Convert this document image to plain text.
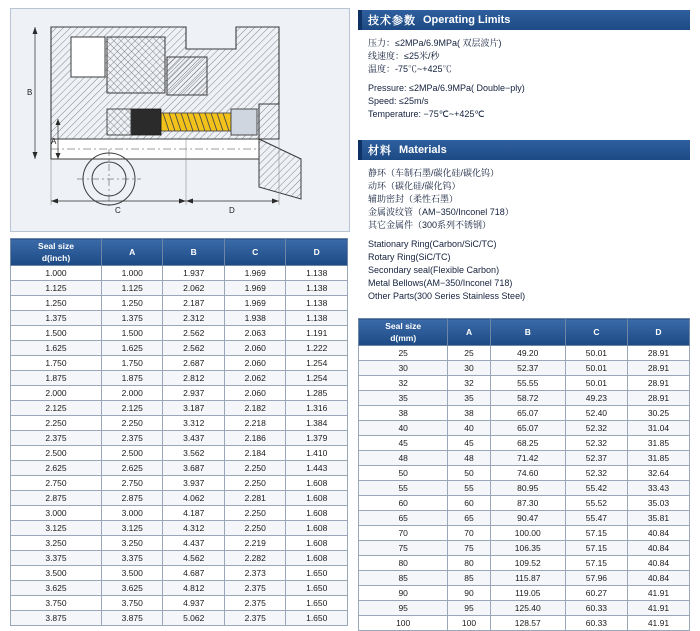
A
B
C	D
技术参数 Operating Limits
压力：≤2MPa/6.9MPa( 双层波片)
线速度：≤25米/秒
温度：-75℃~+425℃
Pressure: ≤2MPa/6.9MPa( Double−ply)
Speed: ≤25m/s
Temperature: −75℃~+425℃
材料 Materials
静环（车制石墨/碳化硅/碳化钨）
动环（碳化硅/碳化钨）
辅助密封（柔性石墨）
金属波纹管（AM−350/Inconel 718）
其它金属件（300系列不锈钢）
Stationary Ring(Carbon/SiC/TC)
Rotary Ring(SiC/TC)
Secondary seal(Flexible Carbon)
Metal Bellows(AM−350/Inconel 718)
Other Parts(300 Series Stainless Steel)
Seal size
d(inch)	A	B	C	D
1.000	1.000	1.937	1.969	1.138
1.125	1.125	2.062	1.969	1.138
1.250	1.250	2.187	1.969	1.138
1.375	1.375	2.312	1.938	1.138
1.500	1.500	2.562	2.063	1.191
1.625	1.625	2.562	2.060	1.222
1.750	1.750	2.687	2.060	1.254
1.875	1.875	2.812	2.062	1.254
2.000	2.000	2.937	2.060	1.285
2.125	2.125	3.187	2.182	1.316
2.250	2.250	3.312	2.218	1.384
2.375	2.375	3.437	2.186	1.379
2.500	2.500	3.562	2.184	1.410
2.625	2.625	3.687	2.250	1.443
2.750	2.750	3.937	2.250	1.608
2.875	2.875	4.062	2.281	1.608
3.000	3.000	4.187	2.250	1.608
3.125	3.125	4.312	2.250	1.608
3.250	3.250	4.437	2.219	1.608
3.375	3.375	4.562	2.282	1.608
3.500	3.500	4.687	2.373	1.650
3.625	3.625	4.812	2.375	1.650
3.750	3.750	4.937	2.375	1.650
3.875	3.875	5.062	2.375	1.650
Seal size
d(mm)	A	B	C	D
25	25	49.20	50.01	28.91
30	30	52.37	50.01	28.91
32	32	55.55	50.01	28.91
35	35	58.72	49.23	28.91
38	38	65.07	52.40	30.25
40	40	65.07	52.32	31.04
45	45	68.25	52.32	31.85
48	48	71.42	52.37	31.85
50	50	74.60	52.32	32.64
55	55	80.95	55.42	33.43
60	60	87.30	55.52	35.03
65	65	90.47	55.47	35.81
70	70	100.00	57.15	40.84
75	75	106.35	57.15	40.84
80	80	109.52	57.15	40.84
85	85	115.87	57.96	40.84
90	90	119.05	60.27	41.91
95	95	125.40	60.33	41.91
100	100	128.57	60.33	41.91
